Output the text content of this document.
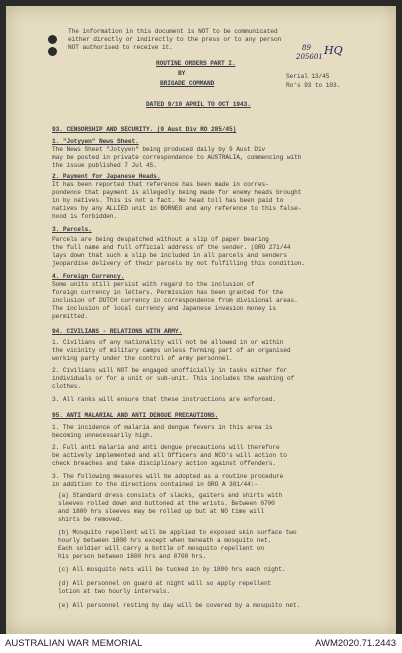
The information in this document is NOT to be communicated
either directly or indirectly to the press or to any person
NOT authorised to receive it.	HQ
89
205601
ROUTINE ORDERS PART I.
BY
BRIGADE COMMAND
Serial 13/45
Ro's 93 to 103.
DATED 9/10 APRIL TO OCT 1943.
93. CENSORSHIP AND SECURITY. (9 Aust Div RO 285/45)
1. "Jotyyen" News Sheet.
The News Sheet "Jotyyen" being produced daily by 9 Aust Div
may be posted in private correspondence to AUSTRALIA, commencing with
the issue published 7 Jul 45.
2. Payment for Japanese Heads.
It has been reported that reference has been made in corres-
pondence that payment is allegedly being made for enemy heads brought
in by natives. This is not a fact. No head toll has been paid to
natives by any ALLIED unit in BORNEO and any reference to this false-
hood is forbidden.
3. Parcels.
Parcels are being despatched without a slip of paper bearing
the full name and full official address of the sender. (GRO 271/44
lays down that such a slip be included in all parcels and senders
jeopardise delivery of their parcels by not fulfilling this condition.
4. Foreign Currency.
Some units still persist with regard to the inclusion of
foreign currency in letters. Permission has been granted for the
inclusion of DUTCH currency in correspondence from divisional areas.
The inclusion of local currency and Japanese invasion money is
permitted.
94. CIVILIANS - RELATIONS WITH ARMY.
1. Civilians of any nationality will not be allowed in or within
the vicinity of military camps unless forming part of an organised
working party under the control of army personnel.
2. Civilians will NOT be engaged unofficially in tasks either for
individuals or for a unit or sub-unit. This includes the washing of
clothes.
3. All ranks will ensure that these instructions are enforced.
95. ANTI MALARIAL AND ANTI DENGUE PRECAUTIONS.
1. The incidence of malaria and dengue fevers in this area is
becoming unnecessarily high.
2. Full anti malaria and anti dengue precautions will therefore
be actively implemented and all Officers and NCO's will action to
check breaches and take disciplinary action against offenders.
3. The following measures will be adopted as a routine procedure
in addition to the directions contained in GRO A 301/44:-
(a) Standard dress consists of slacks, gaiters and shirts with
sleeves rolled down and buttoned at the wrists. Between 0700
and 1800 hrs sleeves may be rolled up but at NO time will
shirts be removed.
(b) Mosquito repellent will be applied to exposed skin surface two
hourly between 1800 hrs except when beneath a mosquito net.
Each soldier will carry a bottle of mosquito repellent on
his person between 1800 hrs and 0700 hrs.
(c) All mosquito nets will be tucked in by 1800 hrs each night.
(d) All personnel on guard at night will so apply repellent
lotion at two hourly intervals.
(e) All personnel resting by day will be covered by a mosquito net.
AUSTRALIAN WAR MEMORIAL	AWM2020.71.2443
